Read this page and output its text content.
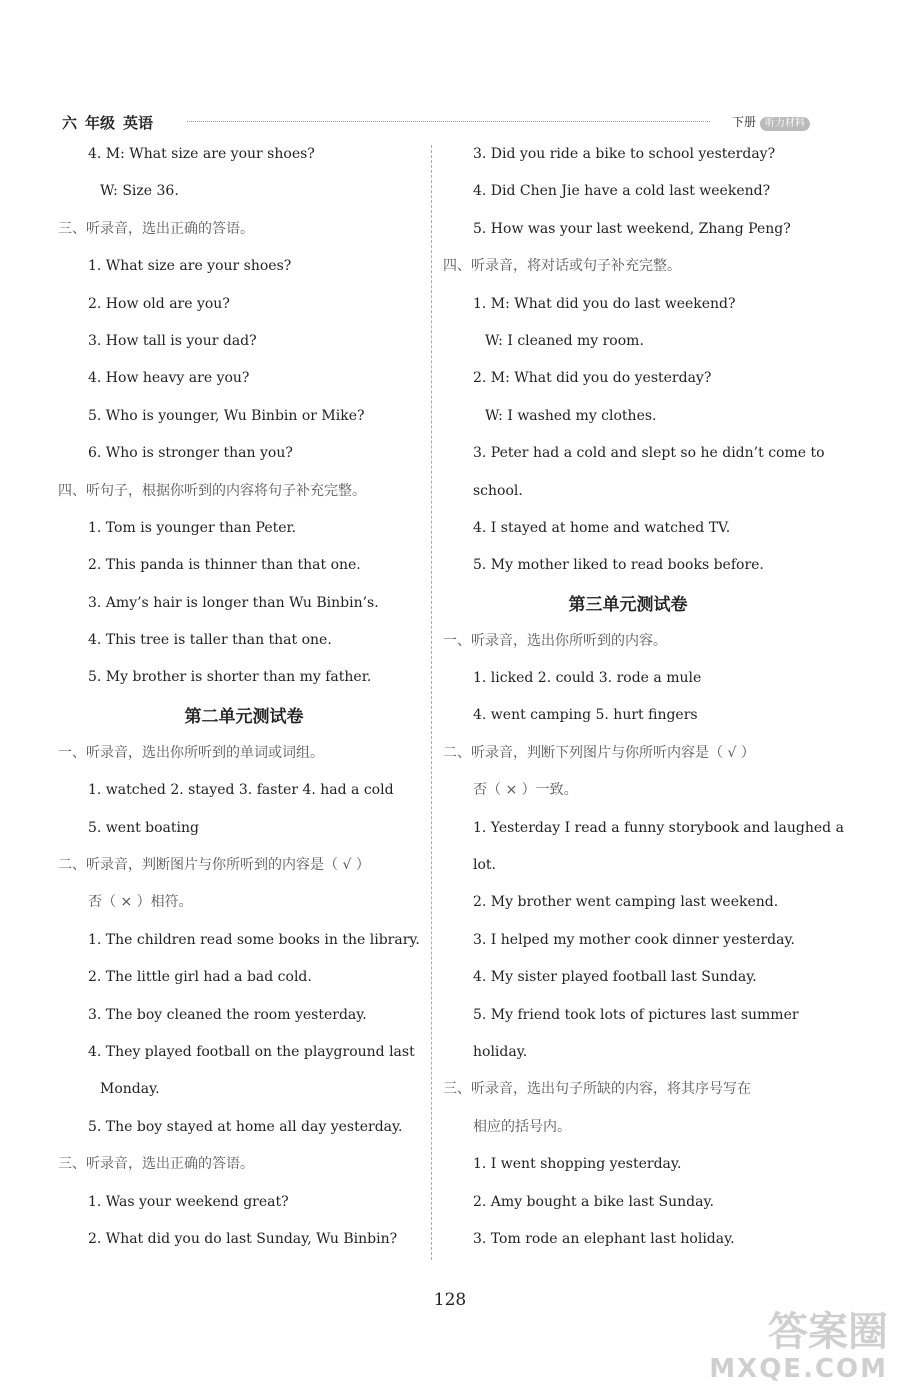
六 年级 英语	下册 听力材料
4. M: What size are your shoes?
W: Size 36.
三、听录音，选出正确的答语。
1. What size are your shoes?
2. How old are you?
3. How tall is your dad?
4. How heavy are you?
5. Who is younger, Wu Binbin or Mike?
6. Who is stronger than you?
四、听句子，根据你听到的内容将句子补充完整。
1. Tom is younger than Peter.
2. This panda is thinner than that one.
3. Amy’s hair is longer than Wu Binbin’s.
4. This tree is taller than that one.
5. My brother is shorter than my father.
第二单元测试卷
一、听录音，选出你所听到的单词或词组。
1. watched 2. stayed 3. faster 4. had a cold
5. went boating
二、听录音，判断图片与你所听到的内容是（ √ ）
否（ × ）相符。
1. The children read some books in the library.
2. The little girl had a bad cold.
3. The boy cleaned the room yesterday.
4. They played football on the playground last
Monday.
5. The boy stayed at home all day yesterday.
三、听录音，选出正确的答语。
1. Was your weekend great?
2. What did you do last Sunday, Wu Binbin?
3. Did you ride a bike to school yesterday?
4. Did Chen Jie have a cold last weekend?
5. How was your last weekend, Zhang Peng?
四、听录音，将对话或句子补充完整。
1. M: What did you do last weekend?
W: I cleaned my room.
2. M: What did you do yesterday?
W: I washed my clothes.
3. Peter had a cold and slept so he didn’t come to
school.
4. I stayed at home and watched TV.
5. My mother liked to read books before.
第三单元测试卷
一、听录音，选出你所听到的内容。
1. licked 2. could 3. rode a mule
4. went camping 5. hurt fingers
二、听录音，判断下列图片与你所听内容是（ √ ）
否（ × ）一致。
1. Yesterday I read a funny storybook and laughed a
lot.
2. My brother went camping last weekend.
3. I helped my mother cook dinner yesterday.
4. My sister played football last Sunday.
5. My friend took lots of pictures last summer
holiday.
三、听录音，选出句子所缺的内容，将其序号写在
相应的括号内。
1. I went shopping yesterday.
2. Amy bought a bike last Sunday.
3. Tom rode an elephant last holiday.
128
答案圈
MXQE.COM
